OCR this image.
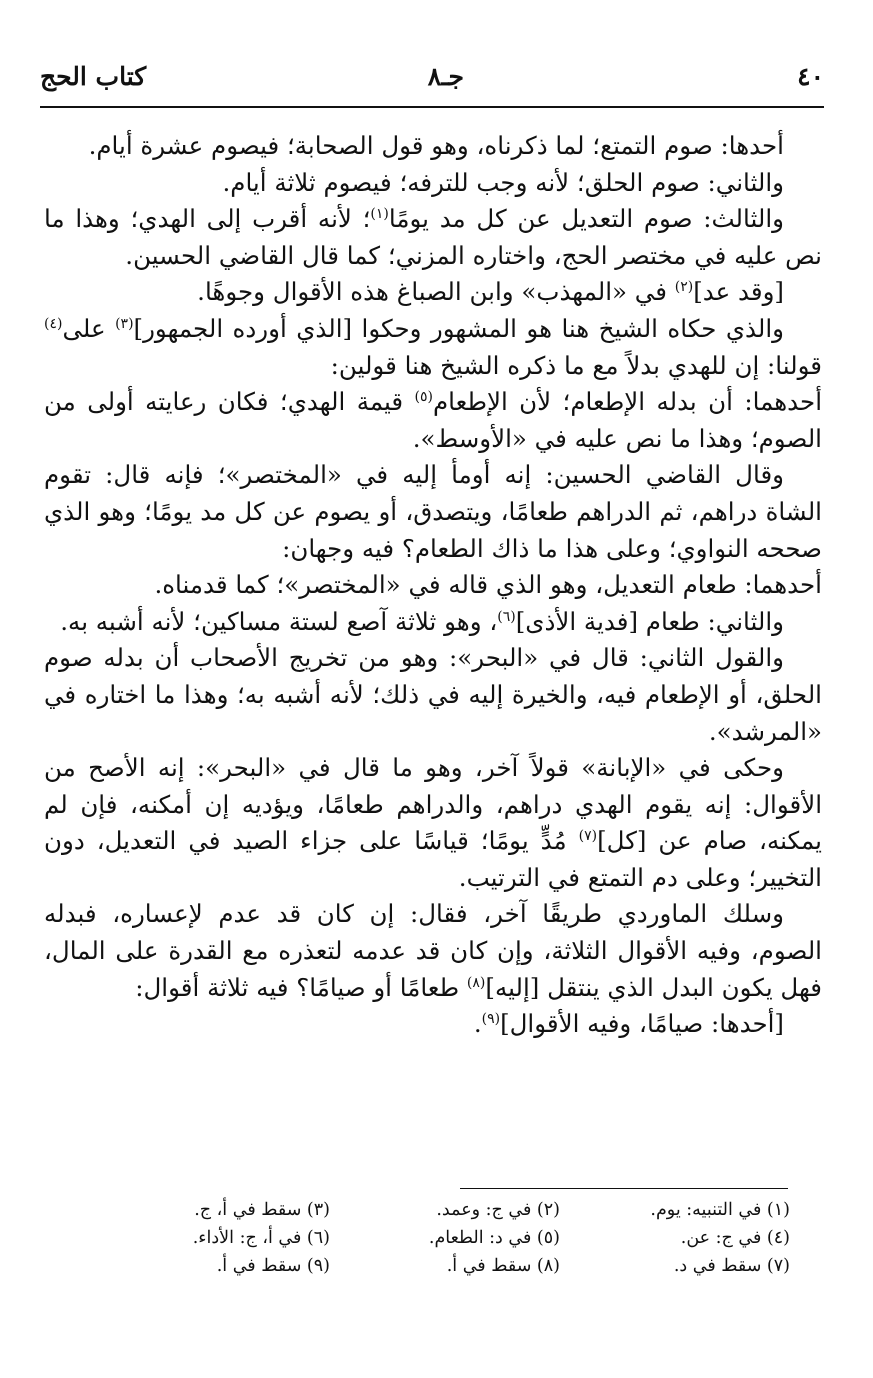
٤٠
جـ٨
كتاب الحج

أحدها: صوم التمتع؛ لما ذكرناه، وهو قول الصحابة؛ فيصوم عشرة أيام.

والثاني: صوم الحلق؛ لأنه وجب للترفه؛ فيصوم ثلاثة أيام.

والثالث: صوم التعديل عن كل مد يومًا$^{(١)}$؛ لأنه أقرب إلى الهدي؛ وهذا ما نص عليه في مختصر الحج، واختاره المزني؛ كما قال القاضي الحسين.

[وقد عد]$^{(٢)}$ في «المهذب» وابن الصباغ هذه الأقوال وجوهًا.

والذي حكاه الشيخ هنا هو المشهور وحكوا [الذي أورده الجمهور]$^{(٣)}$ على$^{(٤)}$ قولنا: إن للهدي بدلاً مع ما ذكره الشيخ هنا قولين:

أحدهما: أن بدله الإطعام؛ لأن الإطعام$^{(٥)}$ قيمة الهدي؛ فكان رعايته أولى من الصوم؛ وهذا ما نص عليه في «الأوسط».

وقال القاضي الحسين: إنه أومأ إليه في «المختصر»؛ فإنه قال: تقوم الشاة دراهم، ثم الدراهم طعامًا، ويتصدق، أو يصوم عن كل مد يومًا؛ وهو الذي صححه النواوي؛ وعلى هذا ما ذاك الطعام؟ فيه وجهان:

أحدهما: طعام التعديل، وهو الذي قاله في «المختصر»؛ كما قدمناه.

والثاني: طعام [فدية الأذى]$^{(٦)}$، وهو ثلاثة آصع لستة مساكين؛ لأنه أشبه به.

والقول الثاني: قال في «البحر»: وهو من تخريج الأصحاب أن بدله صوم الحلق، أو الإطعام فيه، والخيرة إليه في ذلك؛ لأنه أشبه به؛ وهذا ما اختاره في «المرشد».

وحكى في «الإبانة» قولاً آخر، وهو ما قال في «البحر»: إنه الأصح من الأقوال: إنه يقوم الهدي دراهم، والدراهم طعامًا، ويؤديه إن أمكنه، فإن لم يمكنه، صام عن [كل]$^{(٧)}$ مُدٍّ يومًا؛ قياسًا على جزاء الصيد في التعديل، دون التخيير؛ وعلى دم التمتع في الترتيب.

وسلك الماوردي طريقًا آخر، فقال: إن كان قد عدم لإعساره، فبدله الصوم، وفيه الأقوال الثلاثة، وإن كان قد عدمه لتعذره مع القدرة على المال، فهل يكون البدل الذي ينتقل [إليه]$^{(٨)}$ طعامًا أو صيامًا؟ فيه ثلاثة أقوال:

[أحدها: صيامًا، وفيه الأقوال]$^{(٩)}$.

(١) في التنبيه: يوم.
(٢) في ج: وعمد.
(٣) سقط في أ، ج.
(٤) في ج: عن.
(٥) في د: الطعام.
(٦) في أ، ج: الأداء.
(٧) سقط في د.
(٨) سقط في أ.
(٩) سقط في أ.
